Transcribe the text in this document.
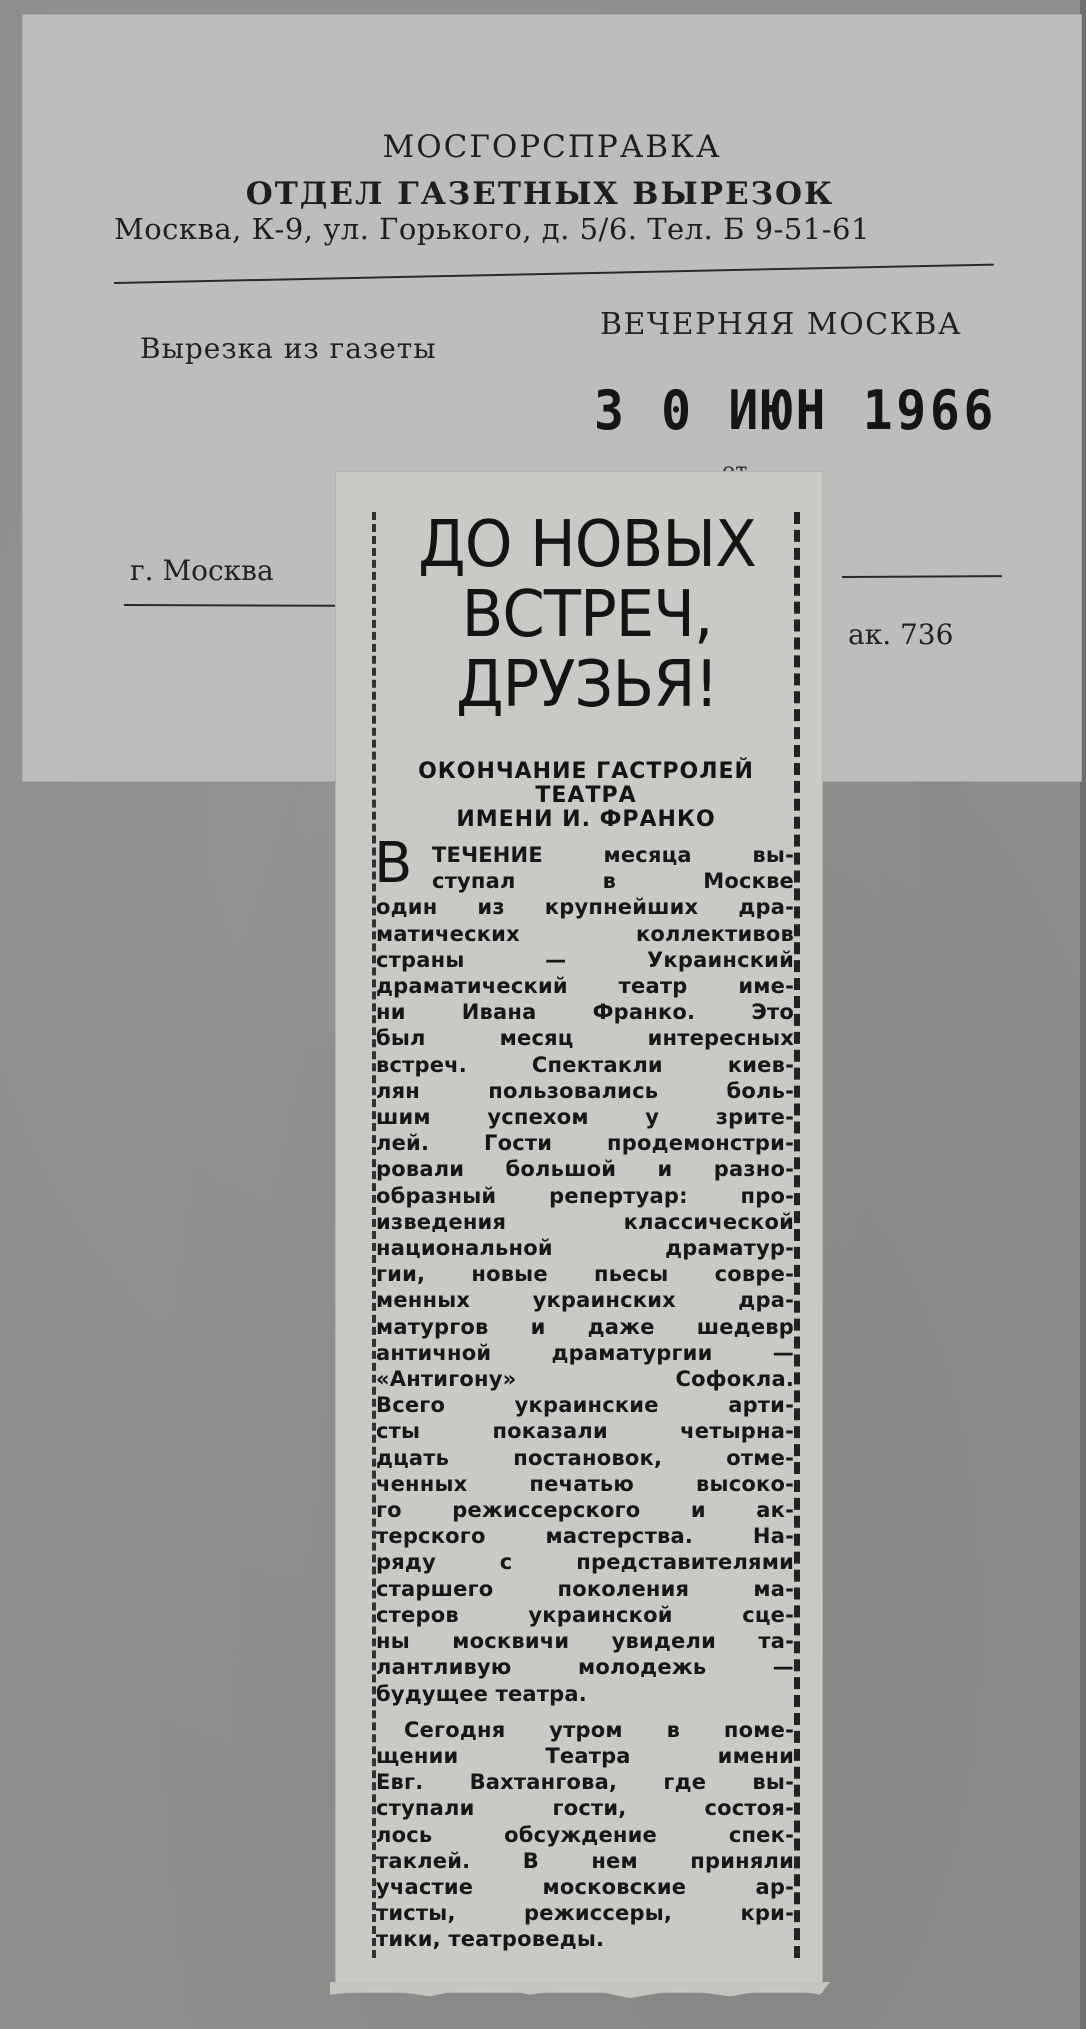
МОСГОРСПРАВКА
ОТДЕЛ ГАЗЕТНЫХ ВЫРЕЗОК
Москва, К-9, ул. Горького, д. 5/6. Тел. Б 9-51-61
Вырезка из газеты
ВЕЧЕРНЯЯ МОСКВА
3 0 ИЮН 1966
г. Москва
ак. 736
ДО НОВЫХ
ВСТРЕЧ,
ДРУЗЬЯ!
ОКОНЧАНИЕ ГАСТРОЛЕЙ
ТЕАТРА
ИМЕНИ И. ФРАНКО
В ТЕЧЕНИЕ месяца вы-
ступал в Москве
один из крупнейших дра-
матических коллективов
страны — Украинский
драматический театр име-
ни Ивана Франко. Это
был месяц интересных
встреч. Спектакли киев-
лян пользовались боль-
шим успехом у зрите-
лей. Гости продемонстри-
ровали большой и разно-
образный репертуар: про-
изведения классической
национальной драматур-
гии, новые пьесы совре-
менных украинских дра-
матургов и даже шедевр
античной драматургии —
«Антигону» Софокла.
Всего украинские арти-
сты показали четырна-
дцать постановок, отме-
ченных печатью высоко-
го режиссерского и ак-
терского мастерства. На-
ряду с представителями
старшего поколения ма-
стеров украинской сце-
ны москвичи увидели та-
лантливую молодежь —
будущее театра.
Сегодня утром в поме-
щении Театра имени
Евг. Вахтангова, где вы-
ступали гости, состоя-
лось обсуждение спек-
таклей. В нем приняли
участие московские ар-
тисты, режиссеры, кри-
тики, театроведы.
